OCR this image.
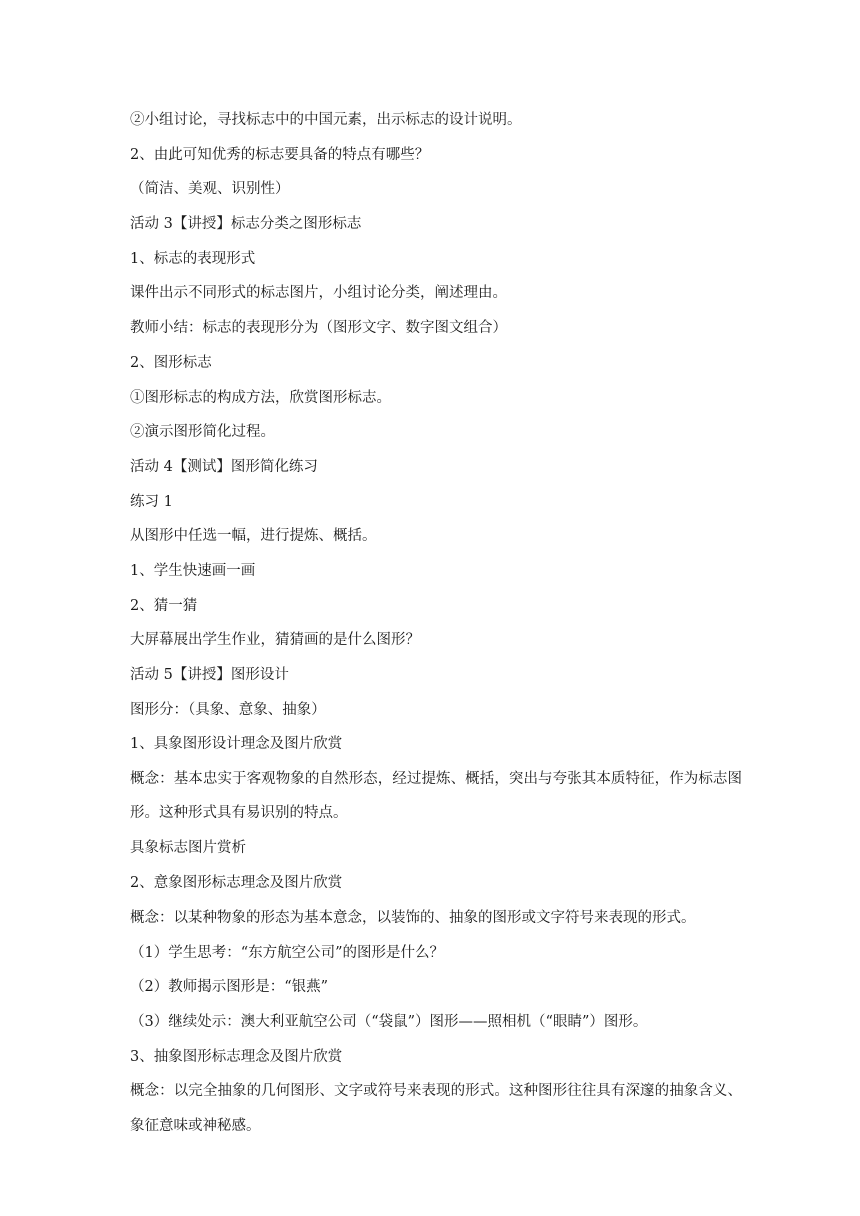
②小组讨论，寻找标志中的中国元素，出示标志的设计说明。

2、由此可知优秀的标志要具备的特点有哪些？

（简洁、美观、识别性）

活动 3【讲授】标志分类之图形标志

1、标志的表现形式

课件出示不同形式的标志图片，小组讨论分类，阐述理由。

教师小结：标志的表现形分为（图形文字、数字图文组合）

2、图形标志

①图形标志的构成方法，欣赏图形标志。

②演示图形简化过程。

活动 4【测试】图形简化练习

练习 1

从图形中任选一幅，进行提炼、概括。

1、学生快速画一画

2、猜一猜

大屏幕展出学生作业，猜猜画的是什么图形？

活动 5【讲授】图形设计

图形分：（具象、意象、抽象）

1、具象图形设计理念及图片欣赏

概念：基本忠实于客观物象的自然形态，经过提炼、概括，突出与夸张其本质特征，作为标志图形。这种形式具有易识别的特点。

具象标志图片赏析

2、意象图形标志理念及图片欣赏

概念：以某种物象的形态为基本意念，以装饰的、抽象的图形或文字符号来表现的形式。

（1）学生思考：“东方航空公司”的图形是什么？

（2）教师揭示图形是：“银燕”

（3）继续处示：澳大利亚航空公司（“袋鼠”）图形——照相机（“眼睛”）图形。

3、抽象图形标志理念及图片欣赏

概念：以完全抽象的几何图形、文字或符号来表现的形式。这种图形往往具有深邃的抽象含义、象征意味或神秘感。
